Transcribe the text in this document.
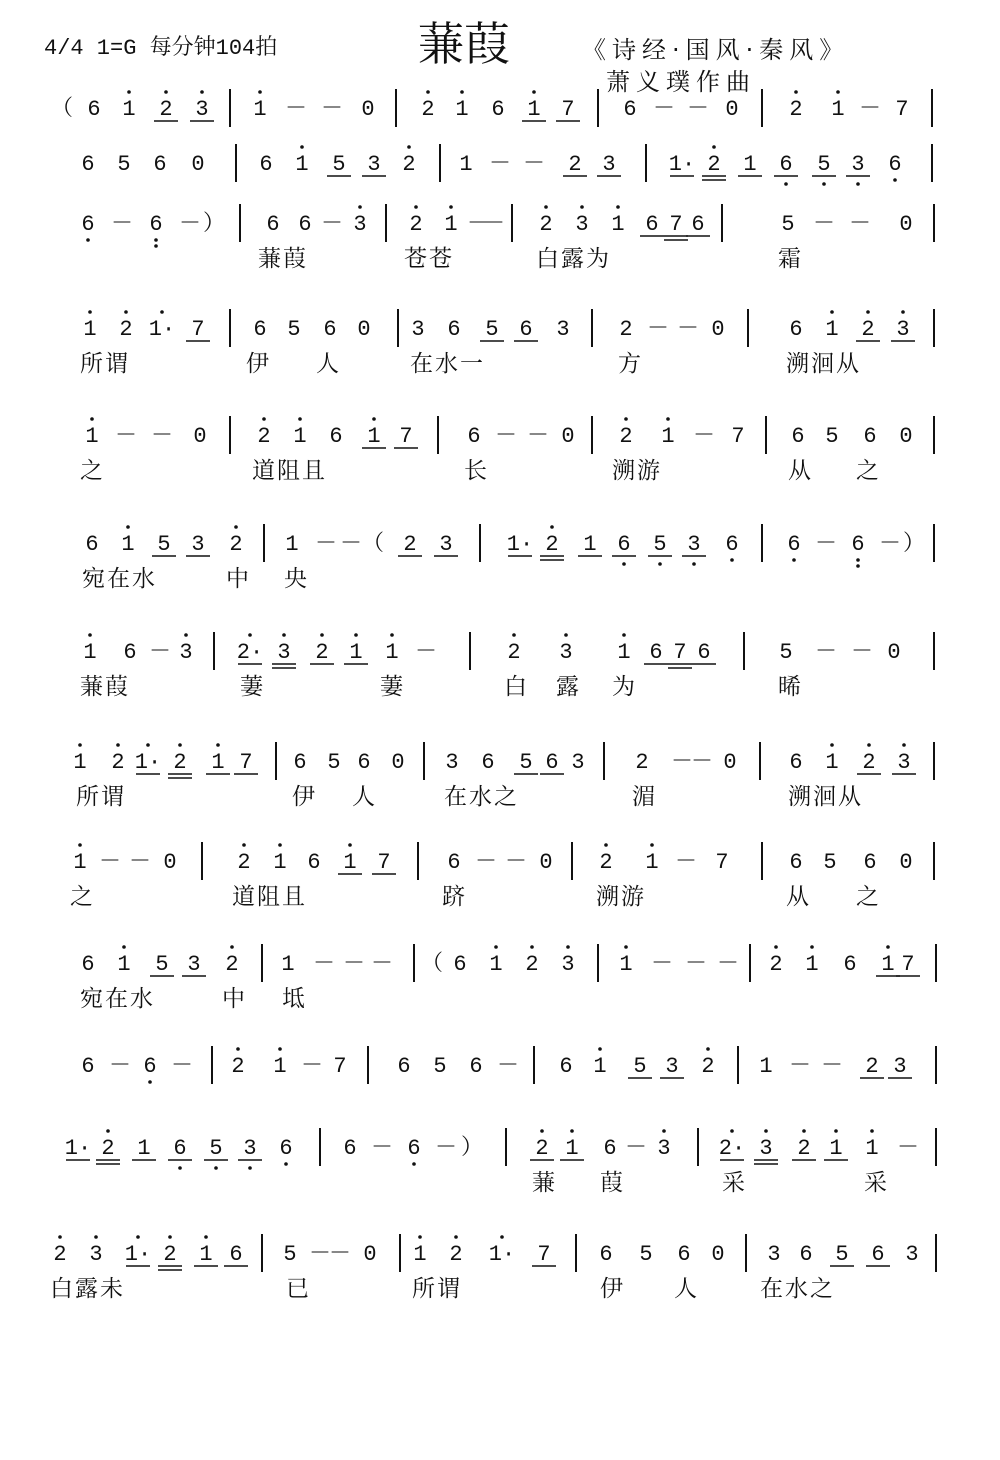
4/4 1=G 每分钟104拍	蒹葭	《诗经·国风·秦风》
萧义璞作曲
（ 6 1 2 3 1 － － 0 2 1 6 1 7 6 － － 0 2 1 － 7
6 5 6 0 6 1 5 3 2 1 － － 2 3 1· 2 1 6 5 3 6
6 － 6 － ） 6 6 － 3 2 1 －
－ 2 3 1 6 7 6	5 － － 0
蒹葭	苍苍	白露为	霜
1 2 1· 7 6 5 6 0 3 6 5 6 3 2 － － 0	6 1 2 3
所谓	伊 人	在水一	方	溯洄从
1 － － 0 2 1 6 1 7 6 － － 0 2 1 － 7 6 5 6 0
之	道阻且	长	溯游	从 之
6 1 5 3 2 1 － －（ 2 3 1· 2 1 6 5 3 6 6 － 6 － ）
宛在水	中 央
1 6 － 3 2· 3 2 1 1 －	2 3 1 6 7 6	5 － － 0
蒹葭	萋	萋	白 露 为	晞
1 2 1· 2 1 7 6 5 6 0 3 6 5 6 3 2 －
－ 0 6 1 2 3
所谓	伊 人	在水之	湄	溯洄从
1 － － 0	2 1 6 1 7	6 － － 0 2 1 － 7	6 5 6 0
之	道阻且	跻	溯游	从 之
6 1 5 3 2 1 － － － （ 6 1 2 3 1 － － － 2 1 6 1 7
宛在水	中 坻
6 － 6 － 2 1 － 7 6 5 6 － 6 1 5 3 2 1 － － 2 3
1· 2 1 6 5 3 6 6 － 6 － ） 2 1 6 － 3 2· 3 2 1 1 －
蒹 葭	采	采
2 3 1· 2 1 6 5 －
－ 0 1 2 1· 7 6 5 6 0 3 6 5 6 3
白露未	已	所谓	伊 人	在水之
